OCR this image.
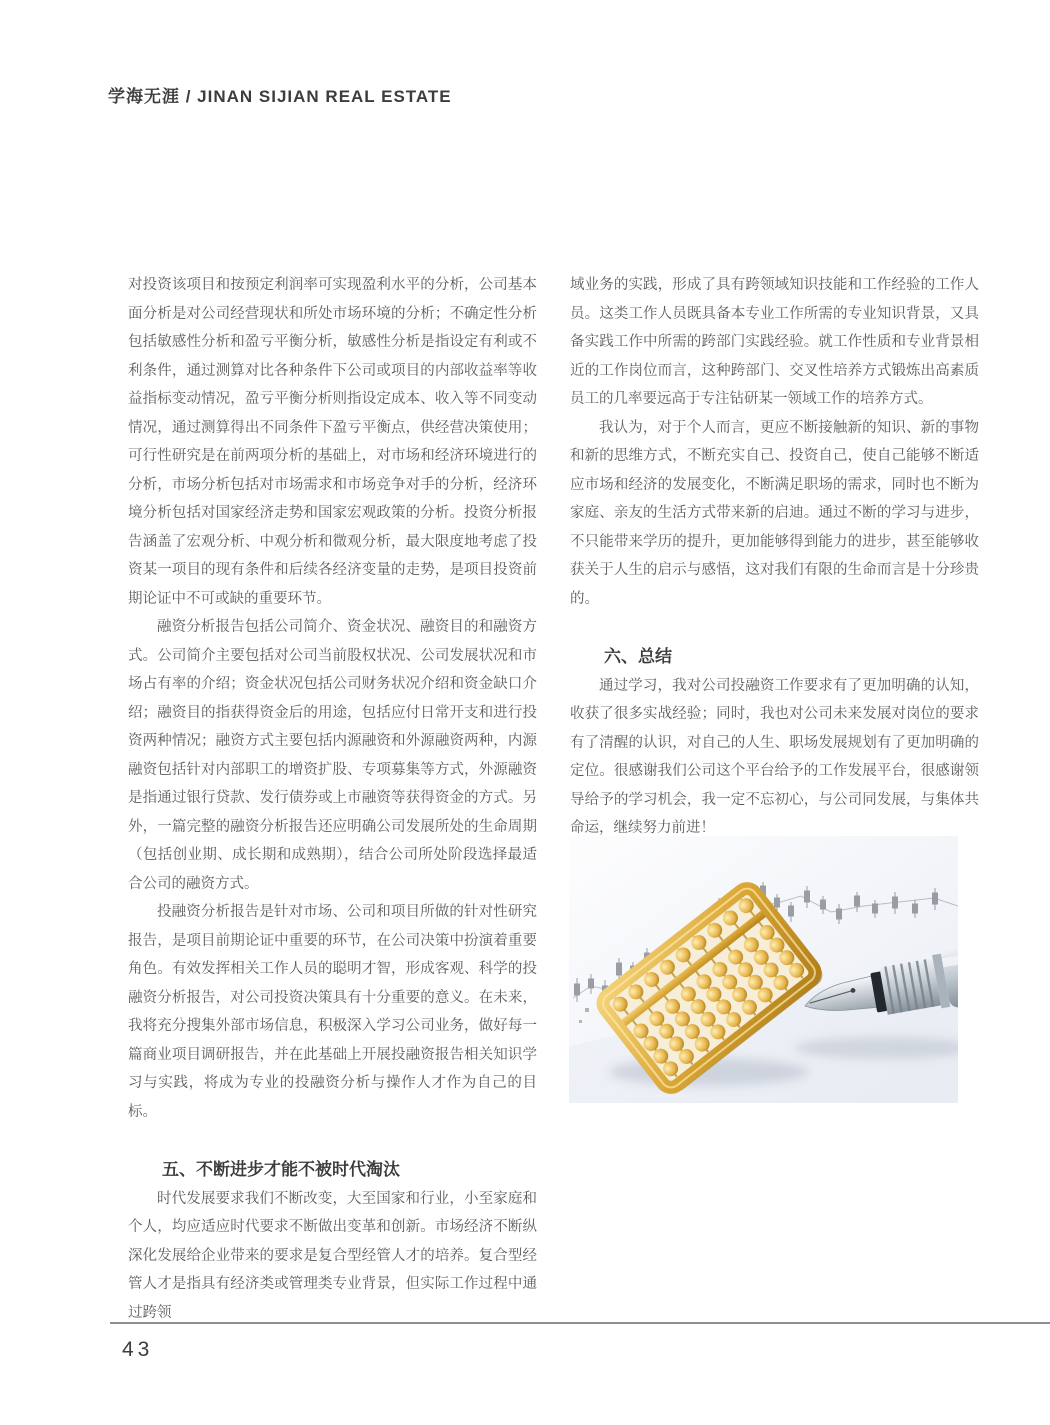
学海无涯 / JINAN SIJIAN REAL ESTATE

对投资该项目和按预定利润率可实现盈利水平的分析，公司基本面分析是对公司经营现状和所处市场环境的分析；不确定性分析包括敏感性分析和盈亏平衡分析，敏感性分析是指设定有利或不利条件，通过测算对比各种条件下公司或项目的内部收益率等收益指标变动情况，盈亏平衡分析则指设定成本、收入等不同变动情况，通过测算得出不同条件下盈亏平衡点，供经营决策使用；可行性研究是在前两项分析的基础上，对市场和经济环境进行的分析，市场分析包括对市场需求和市场竞争对手的分析，经济环境分析包括对国家经济走势和国家宏观政策的分析。投资分析报告涵盖了宏观分析、中观分析和微观分析，最大限度地考虑了投资某一项目的现有条件和后续各经济变量的走势，是项目投资前期论证中不可或缺的重要环节。

融资分析报告包括公司简介、资金状况、融资目的和融资方式。公司简介主要包括对公司当前股权状况、公司发展状况和市场占有率的介绍；资金状况包括公司财务状况介绍和资金缺口介绍；融资目的指获得资金后的用途，包括应付日常开支和进行投资两种情况；融资方式主要包括内源融资和外源融资两种，内源融资包括针对内部职工的增资扩股、专项募集等方式，外源融资是指通过银行贷款、发行债券或上市融资等获得资金的方式。另外，一篇完整的融资分析报告还应明确公司发展所处的生命周期（包括创业期、成长期和成熟期），结合公司所处阶段选择最适合公司的融资方式。

投融资分析报告是针对市场、公司和项目所做的针对性研究报告，是项目前期论证中重要的环节，在公司决策中扮演着重要角色。有效发挥相关工作人员的聪明才智，形成客观、科学的投融资分析报告，对公司投资决策具有十分重要的意义。在未来，我将充分搜集外部市场信息，积极深入学习公司业务，做好每一篇商业项目调研报告，并在此基础上开展投融资报告相关知识学习与实践，将成为专业的投融资分析与操作人才作为自己的目标。

五、不断进步才能不被时代淘汰

时代发展要求我们不断改变，大至国家和行业，小至家庭和个人，均应适应时代要求不断做出变革和创新。市场经济不断纵深化发展给企业带来的要求是复合型经管人才的培养。复合型经管人才是指具有经济类或管理类专业背景，但实际工作过程中通过跨领

域业务的实践，形成了具有跨领域知识技能和工作经验的工作人员。这类工作人员既具备本专业工作所需的专业知识背景，又具备实践工作中所需的跨部门实践经验。就工作性质和专业背景相近的工作岗位而言，这种跨部门、交叉性培养方式锻炼出高素质员工的几率要远高于专注钻研某一领域工作的培养方式。

我认为，对于个人而言，更应不断接触新的知识、新的事物和新的思维方式，不断充实自己、投资自己，使自己能够不断适应市场和经济的发展变化，不断满足职场的需求，同时也不断为家庭、亲友的生活方式带来新的启迪。通过不断的学习与进步，不只能带来学历的提升，更加能够得到能力的进步，甚至能够收获关于人生的启示与感悟，这对我们有限的生命而言是十分珍贵的。

六、总结

通过学习，我对公司投融资工作要求有了更加明确的认知，收获了很多实战经验；同时，我也对公司未来发展对岗位的要求有了清醒的认识，对自己的人生、职场发展规划有了更加明确的定位。很感谢我们公司这个平台给予的工作发展平台，很感谢领导给予的学习机会，我一定不忘初心，与公司同发展，与集体共命运，继续努力前进！

43
